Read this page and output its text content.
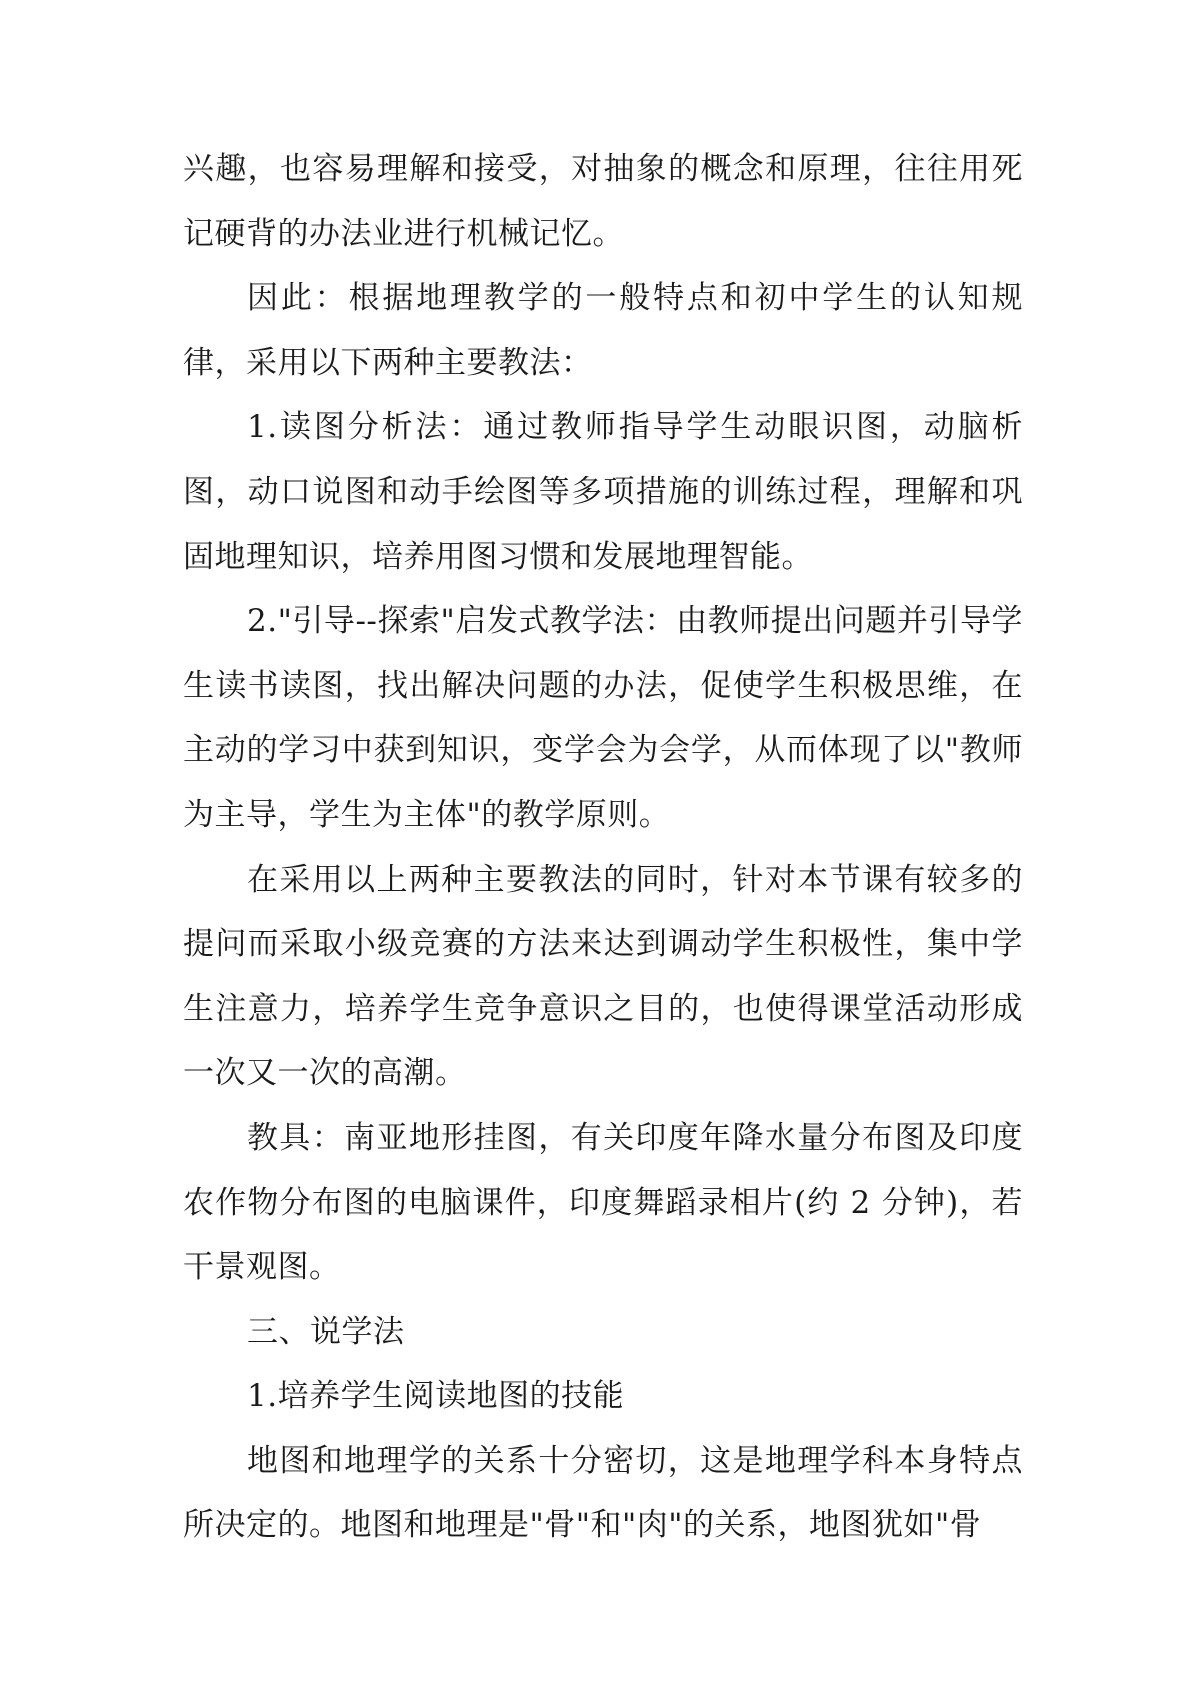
兴趣，也容易理解和接受，对抽象的概念和原理，往往用死记硬背的办法业进行机械记忆。

因此：根据地理教学的一般特点和初中学生的认知规律，采用以下两种主要教法：

1.读图分析法：通过教师指导学生动眼识图，动脑析图，动口说图和动手绘图等多项措施的训练过程，理解和巩固地理知识，培养用图习惯和发展地理智能。

2."引导--探索"启发式教学法：由教师提出问题并引导学生读书读图，找出解决问题的办法，促使学生积极思维，在主动的学习中获到知识，变学会为会学，从而体现了以"教师为主导，学生为主体"的教学原则。

在采用以上两种主要教法的同时，针对本节课有较多的提问而采取小级竞赛的方法来达到调动学生积极性，集中学生注意力，培养学生竞争意识之目的，也使得课堂活动形成一次又一次的高潮。

教具：南亚地形挂图，有关印度年降水量分布图及印度农作物分布图的电脑课件，印度舞蹈录相片(约 2 分钟)，若干景观图。

三、说学法

1.培养学生阅读地图的技能

地图和地理学的关系十分密切，这是地理学科本身特点所决定的。地图和地理是"骨"和"肉"的关系，地图犹如"骨
